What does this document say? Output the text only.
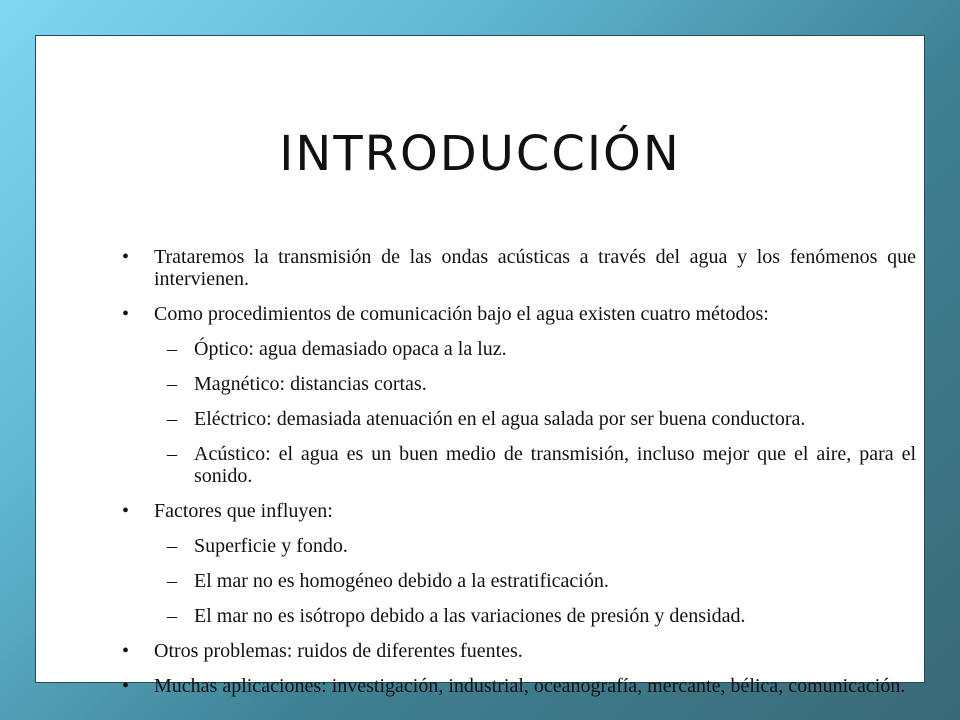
INTRODUCCIÓN
• Trataremos la transmisión de las ondas acústicas a través del agua y los fenómenos que intervienen.
• Como procedimientos de comunicación bajo el agua existen cuatro métodos:
– Óptico: agua demasiado opaca a la luz.
– Magnético: distancias cortas.
– Eléctrico: demasiada atenuación en el agua salada por ser buena conductora.
– Acústico: el agua es un buen medio de transmisión, incluso mejor que el aire, para el sonido.
• Factores que influyen:
– Superficie y fondo.
– El mar no es homogéneo debido a la estratificación.
– El mar no es isótropo debido a las variaciones de presión y densidad.
• Otros problemas: ruidos de diferentes fuentes.
• Muchas aplicaciones: investigación, industrial, oceanografía, mercante, bélica, comunicación.
